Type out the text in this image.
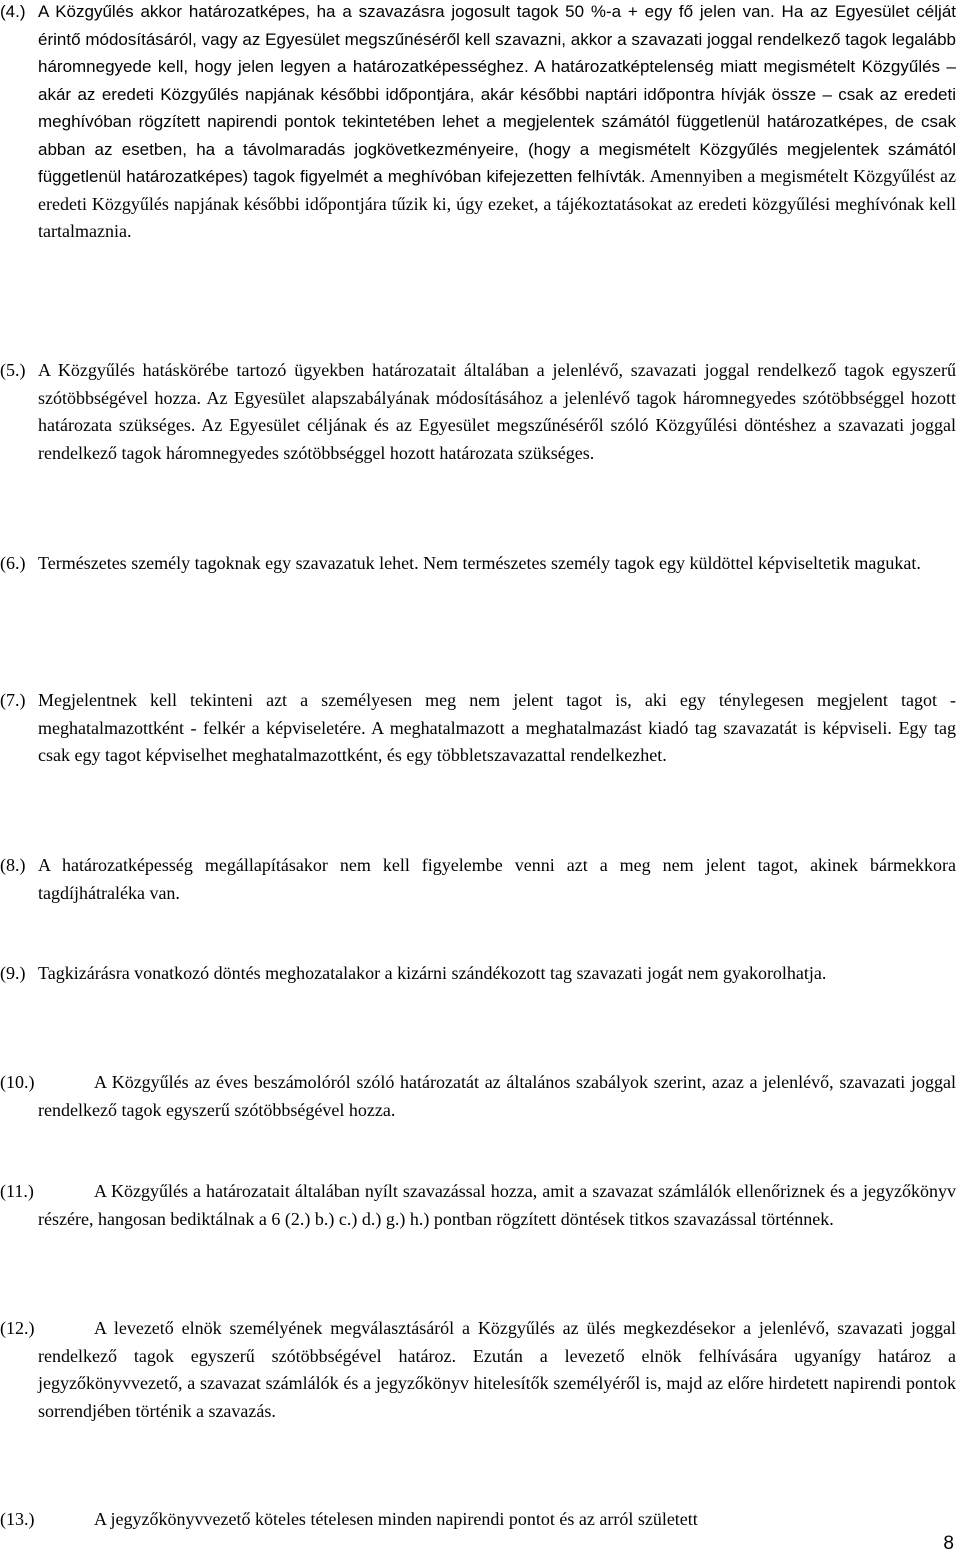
(4.) A Közgyűlés akkor határozatképes, ha a szavazásra jogosult tagok 50 %-a + egy fő jelen van. Ha az Egyesület célját érintő módosításáról, vagy az Egyesület megszűnéséről kell szavazni, akkor a szavazati joggal rendelkező tagok legalább háromnegyede kell, hogy jelen legyen a határozatképességhez. A határozatképtelenség miatt megismételt Közgyűlés –akár az eredeti Közgyűlés napjának későbbi időpontjára, akár későbbi naptári időpontra hívják össze – csak az eredeti meghívóban rögzített napirendi pontok tekintetében lehet a megjelentek számától függetlenül határozatképes, de csak abban az esetben, ha a távolmaradás jogkövetkezményeire, (hogy a megismételt Közgyűlés megjelentek számától függetlenül határozatképes) tagok figyelmét a meghívóban kifejezetten felhívták. Amennyiben a megismételt Közgyűlést az eredeti Közgyűlés napjának későbbi időpontjára tűzik ki, úgy ezeket, a tájékoztatásokat az eredeti közgyűlési meghívónak kell tartalmaznia.
(5.) A Közgyűlés hatáskörébe tartozó ügyekben határozatait általában a jelenlévő, szavazati joggal rendelkező tagok egyszerű szótöbbségével hozza. Az Egyesület alapszabályának módosításához a jelenlévő tagok háromnegyedes szótöbbséggel hozott határozata szükséges. Az Egyesület céljának és az Egyesület megszűnéséről szóló Közgyűlési döntéshez a szavazati joggal rendelkező tagok háromnegyedes szótöbbséggel hozott határozata szükséges.
(6.) Természetes személy tagoknak egy szavazatuk lehet. Nem természetes személy tagok egy küldöttel képviseltetik magukat.
(7.) Megjelentnek kell tekinteni azt a személyesen meg nem jelent tagot is, aki egy ténylegesen megjelent tagot - meghatalmazottként - felkér a képviseletére. A meghatalmazott a meghatalmazást kiadó tag szavazatát is képviseli. Egy tag csak egy tagot képviselhet meghatalmazottként, és egy többletszavazattal rendelkezhet.
(8.) A határozatképesség megállapításakor nem kell figyelembe venni azt a meg nem jelent tagot, akinek bármekkora tagdíjhátraléka van.
(9.) Tagkizárásra vonatkozó döntés meghozatalakor a kizárni szándékozott tag szavazati jogát nem gyakorolhatja.
(10.)	A Közgyűlés az éves beszámolóról szóló határozatát az általános szabályok szerint, azaz a jelenlévő, szavazati joggal rendelkező tagok egyszerű szótöbbségével hozza.
(11.)	A Közgyűlés a határozatait általában nyílt szavazással hozza, amit a szavazat számlálók ellenőriznek és a jegyzőkönyv részére, hangosan bediktálnak a 6 (2.) b.) c.) d.) g.) h.) pontban rögzített döntések titkos szavazással történnek.
(12.)	A levezető elnök személyének megválasztásáról a Közgyűlés az ülés megkezdésekor a jelenlévő, szavazati joggal rendelkező tagok egyszerű szótöbbségével határoz. Ezután a levezető elnök felhívására ugyanígy határoz a jegyzőkönyvvezető, a szavazat számlálók és a jegyzőkönyv hitelesítők személyéről is, majd az előre hirdetett napirendi pontok sorrendjében történik a szavazás.
(13.)	A jegyzőkönyvvezető köteles tételesen minden napirendi pontot és az arról született
8
